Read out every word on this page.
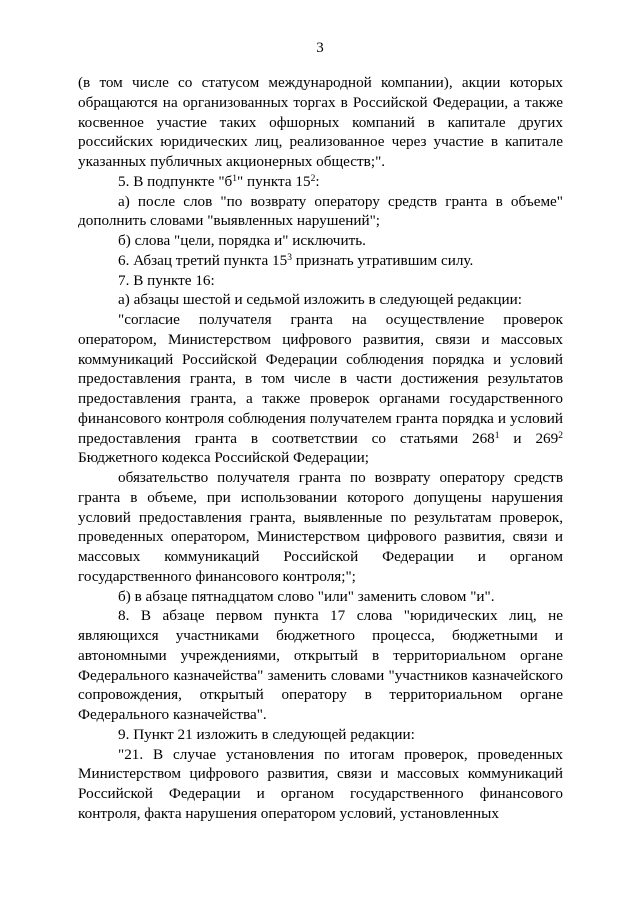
3

(в том числе со статусом международной компании), акции которых обращаются на организованных торгах в Российской Федерации, а также косвенное участие таких офшорных компаний в капитале других российских юридических лиц, реализованное через участие в капитале указанных публичных акционерных обществ;".

5. В подпункте "$б^1$" пункта $15^2$:

а) после слов "по возврату оператору средств гранта в объеме" дополнить словами "выявленных нарушений";

б) слова "цели, порядка и" исключить.

6. Абзац третий пункта $15^3$ признать утратившим силу.

7. В пункте 16:

а) абзацы шестой и седьмой изложить в следующей редакции:

"согласие получателя гранта на осуществление проверок оператором, Министерством цифрового развития, связи и массовых коммуникаций Российской Федерации соблюдения порядка и условий предоставления гранта, в том числе в части достижения результатов предоставления гранта, а также проверок органами государственного финансового контроля соблюдения получателем гранта порядка и условий предоставления гранта в соответствии со статьями $268^1$ и $269^2$ Бюджетного кодекса Российской Федерации;

обязательство получателя гранта по возврату оператору средств гранта в объеме, при использовании которого допущены нарушения условий предоставления гранта, выявленные по результатам проверок, проведенных оператором, Министерством цифрового развития, связи и массовых коммуникаций Российской Федерации и органом государственного финансового контроля;";

б) в абзаце пятнадцатом слово "или" заменить словом "и".

8. В абзаце первом пункта 17 слова "юридических лиц, не являющихся участниками бюджетного процесса, бюджетными и автономными учреждениями, открытый в территориальном органе Федерального казначейства" заменить словами "участников казначейского сопровождения, открытый оператору в территориальном органе Федерального казначейства".

9. Пункт 21 изложить в следующей редакции:

"21. В случае установления по итогам проверок, проведенных Министерством цифрового развития, связи и массовых коммуникаций Российской Федерации и органом государственного финансового контроля, факта нарушения оператором условий, установленных
